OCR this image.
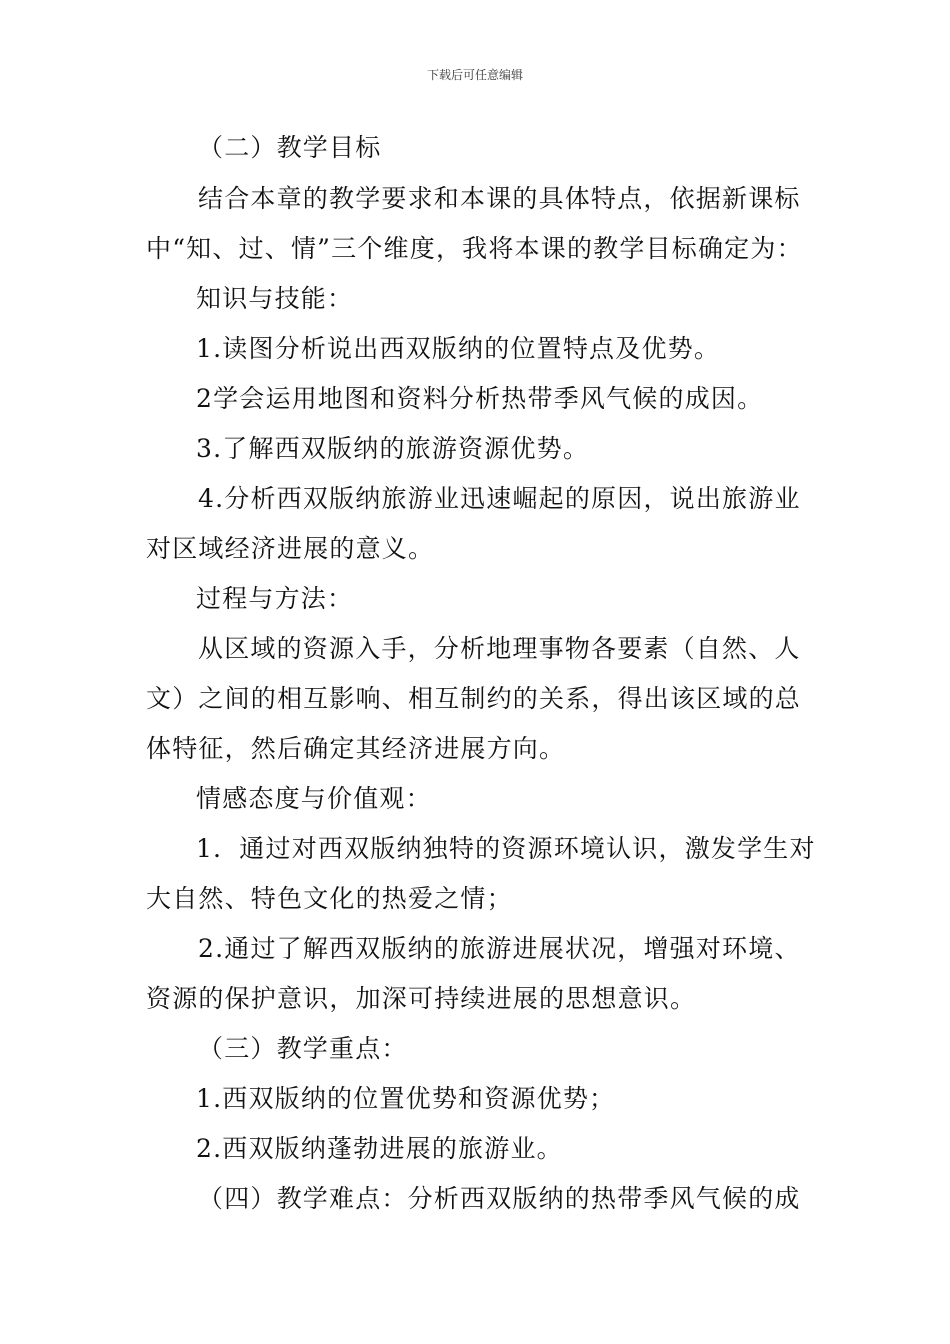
下载后可任意编辑
（二）教学目标
结合本章的教学要求和本课的具体特点，依据新课标
中“知、过、情”三个维度，我将本课的教学目标确定为：
知识与技能：
1.读图分析说出西双版纳的位置特点及优势。
2学会运用地图和资料分析热带季风气候的成因。
3.了解西双版纳的旅游资源优势。
4.分析西双版纳旅游业迅速崛起的原因，说出旅游业
对区域经济进展的意义。
过程与方法：
从区域的资源入手，分析地理事物各要素（自然、人
文）之间的相互影响、相互制约的关系，得出该区域的总
体特征，然后确定其经济进展方向。
情感态度与价值观：
1．通过对西双版纳独特的资源环境认识，激发学生对
大自然、特色文化的热爱之情；
2.通过了解西双版纳的旅游进展状况，增强对环境、
资源的保护意识，加深可持续进展的思想意识。
（三）教学重点：
1.西双版纳的位置优势和资源优势；
2.西双版纳蓬勃进展的旅游业。
（四）教学难点：分析西双版纳的热带季风气候的成
